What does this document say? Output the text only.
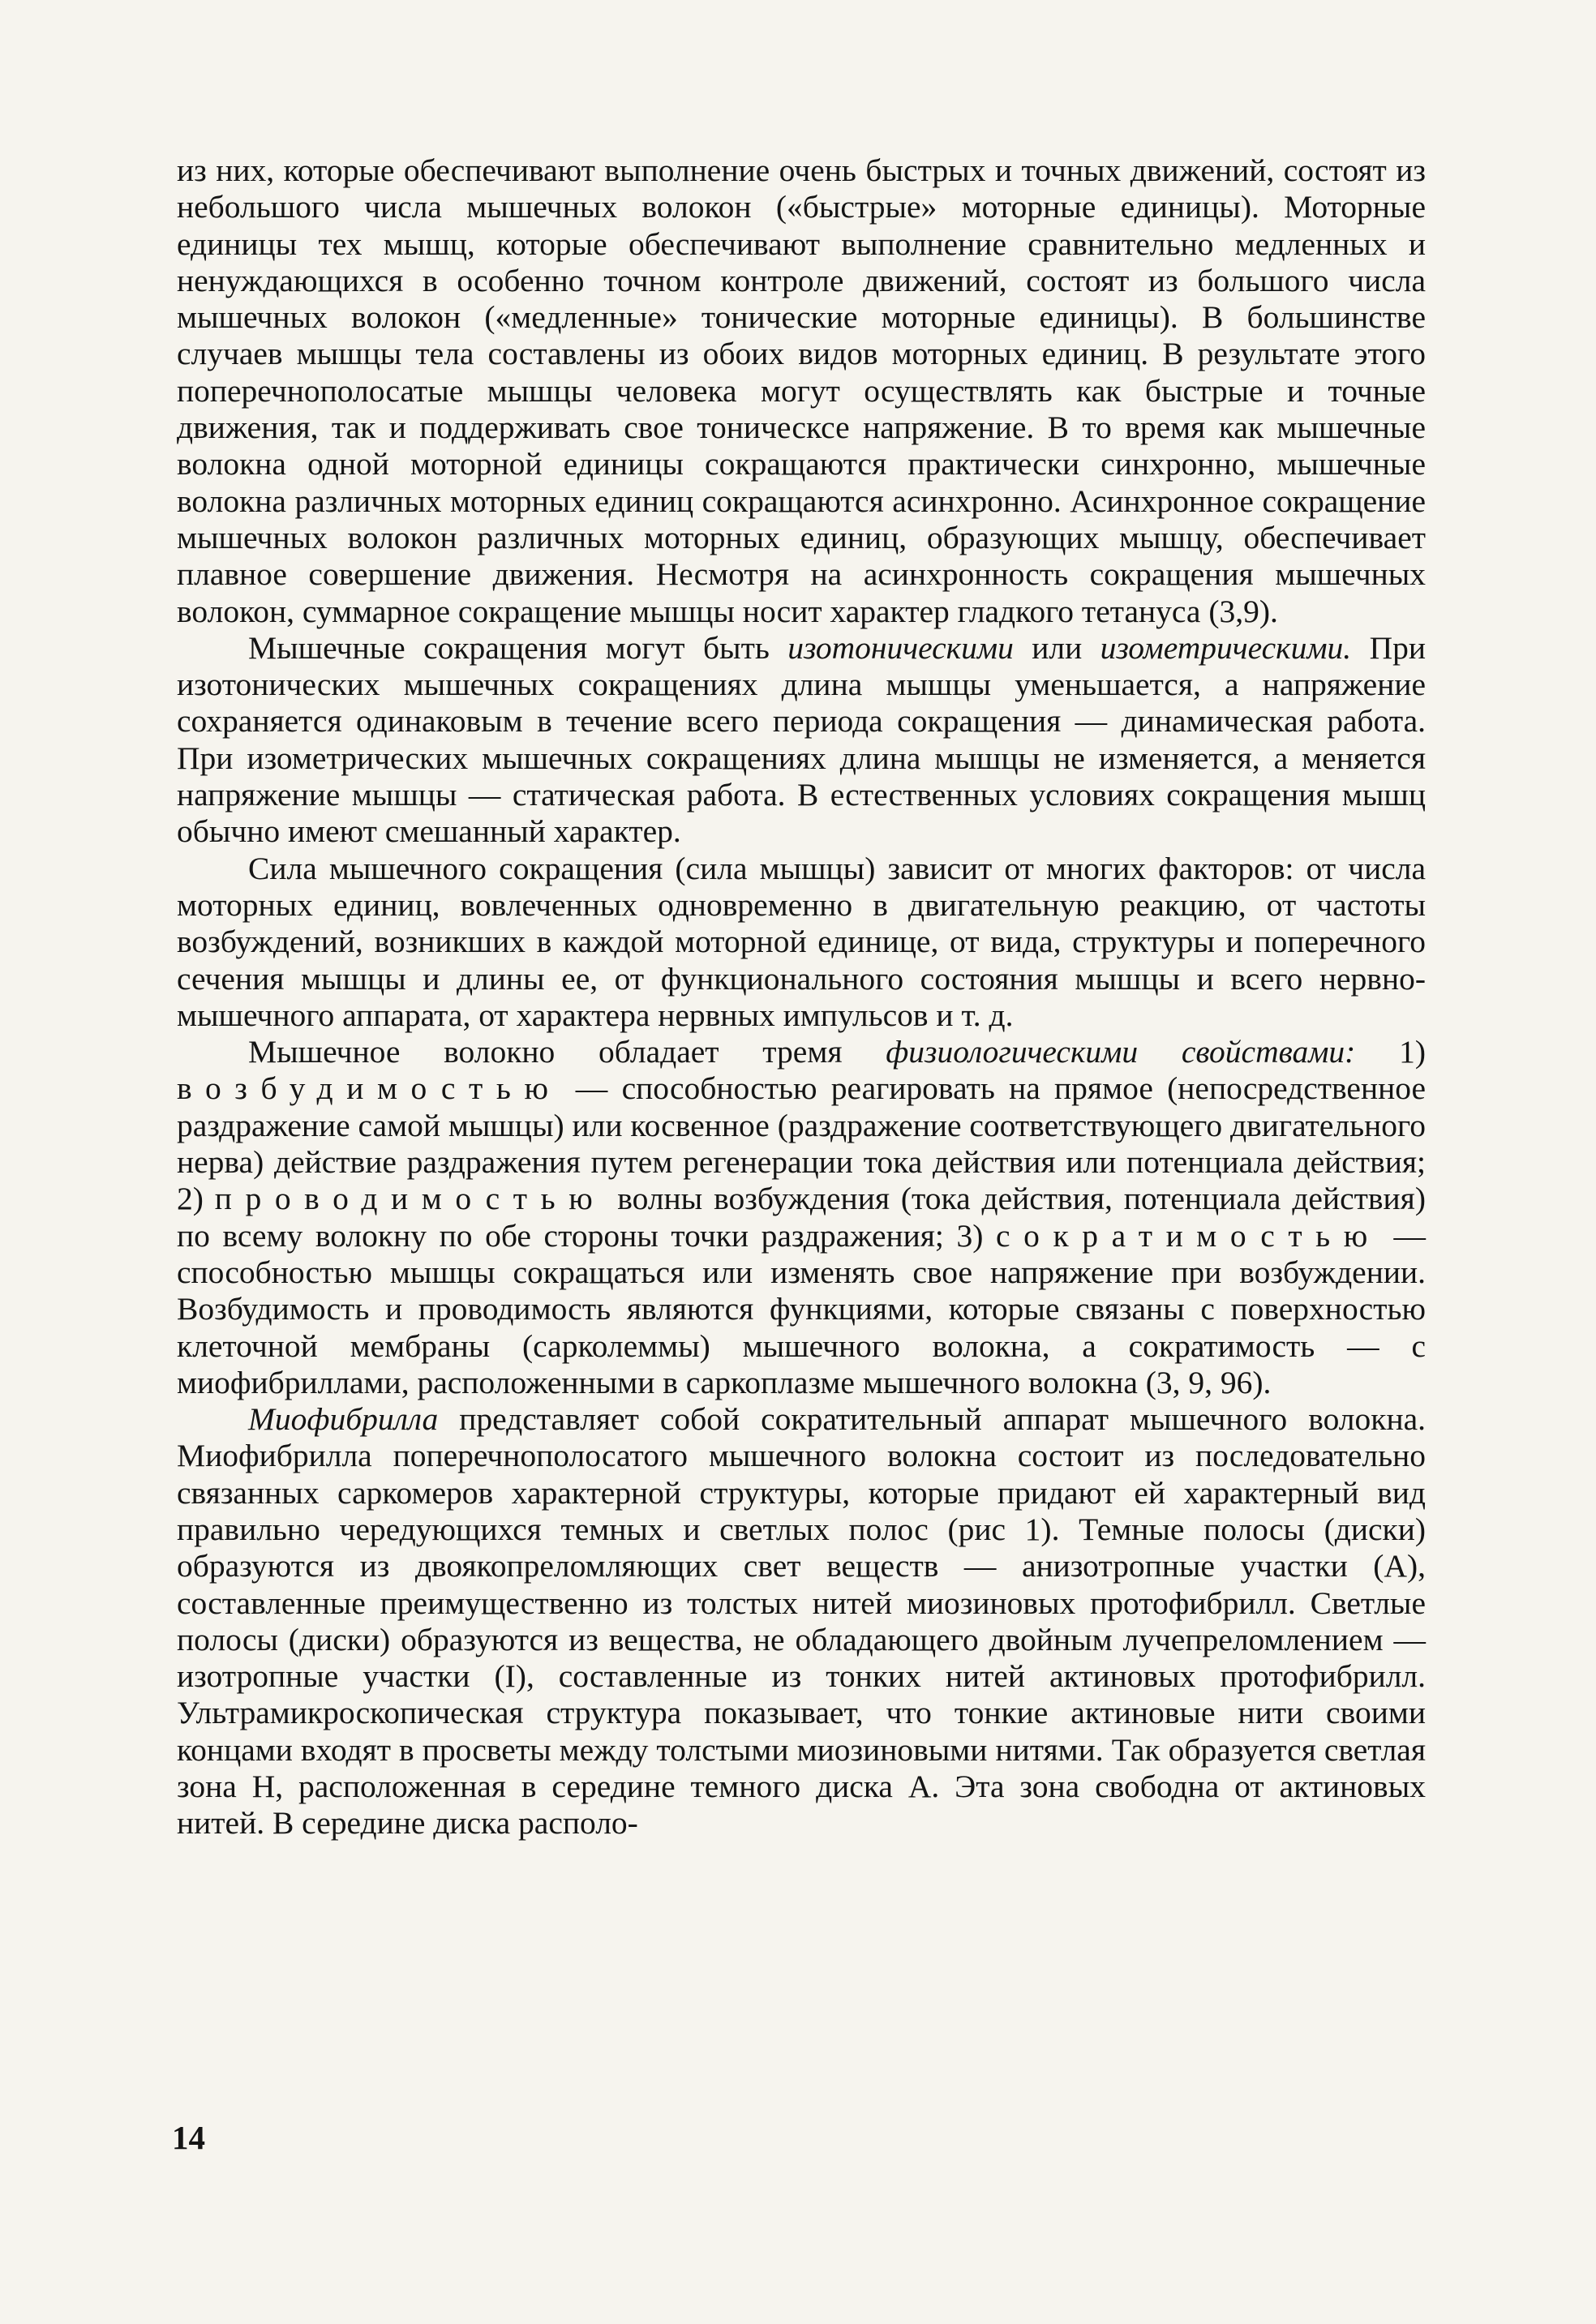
из них, которые обеспечивают выполнение очень быстрых и точных движений, состоят из небольшого числа мышечных волокон («быстрые» моторные единицы). Моторные единицы тех мышц, которые обеспечивают выполнение сравнительно медленных и ненуждающихся в особенно точном контроле движений, состоят из большого числа мышечных волокон («медленные» тонические моторные единицы). В большинстве случаев мышцы тела составлены из обоих видов моторных единиц. В результате этого поперечнополосатые мышцы человека могут осуществлять как быстрые и точные движения, так и поддерживать свое тоническсе напряжение. В то время как мышечные волокна одной моторной единицы сокращаются практически синхронно, мышечные волокна различных моторных единиц сокращаются асинхронно. Асинхронное сокращение мышечных волокон различных моторных единиц, образующих мышцу, обеспечивает плавное совершение движения. Несмотря на асинхронность сокращения мышечных волокон, суммарное сокращение мышцы носит характер гладкого тетануса (3,9).

Мышечные сокращения могут быть изотоническими или изометрическими. При изотонических мышечных сокращениях длина мышцы уменьшается, а напряжение сохраняется одинаковым в течение всего периода сокращения — динамическая работа. При изометрических мышечных сокращениях длина мышцы не изменяется, а меняется напряжение мышцы — статическая работа. В естественных условиях сокращения мышц обычно имеют смешанный характер.

Сила мышечного сокращения (сила мышцы) зависит от многих факторов: от числа моторных единиц, вовлеченных одновременно в двигательную реакцию, от частоты возбуждений, возникших в каждой моторной единице, от вида, структуры и поперечного сечения мышцы и длины ее, от функционального состояния мышцы и всего нервно-мышечного аппарата, от характера нервных импульсов и т. д.

Мышечное волокно обладает тремя физиологическими свойствами: 1) возбудимостью — способностью реагировать на прямое (непосредственное раздражение самой мышцы) или косвенное (раздражение соответствующего двигательного нерва) действие раздражения путем регенерации тока действия или потенциала действия; 2) проводимостью волны возбуждения (тока действия, потенциала действия) по всему волокну по обе стороны точки раздражения; 3) сократимостью — способностью мышцы сокращаться или изменять свое напряжение при возбуждении. Возбудимость и проводимость являются функциями, которые связаны с поверхностью клеточной мембраны (сарколеммы) мышечного волокна, а сократимость — с миофибриллами, расположенными в саркоплазме мышечного волокна (3, 9, 96).

Миофибрилла представляет собой сократительный аппарат мышечного волокна. Миофибрилла поперечнополосатого мышечного волокна состоит из последовательно связанных саркомеров характерной структуры, которые придают ей характерный вид правильно чередующихся темных и светлых полос (рис 1). Темные полосы (диски) образуются из двоякопреломляющих свет веществ — анизотропные участки (А), составленные преимущественно из толстых нитей миозиновых протофибрилл. Светлые полосы (диски) образуются из вещества, не обладающего двойным лучепреломлением — изотропные участки (I), составленные из тонких нитей актиновых протофибрилл. Ультрамикроскопическая структура показывает, что тонкие актиновые нити своими концами входят в просветы между толстыми миозиновыми нитями. Так образуется светлая зона Н, расположенная в середине темного диска А. Эта зона свободна от актиновых нитей. В середине диска располо-

14
